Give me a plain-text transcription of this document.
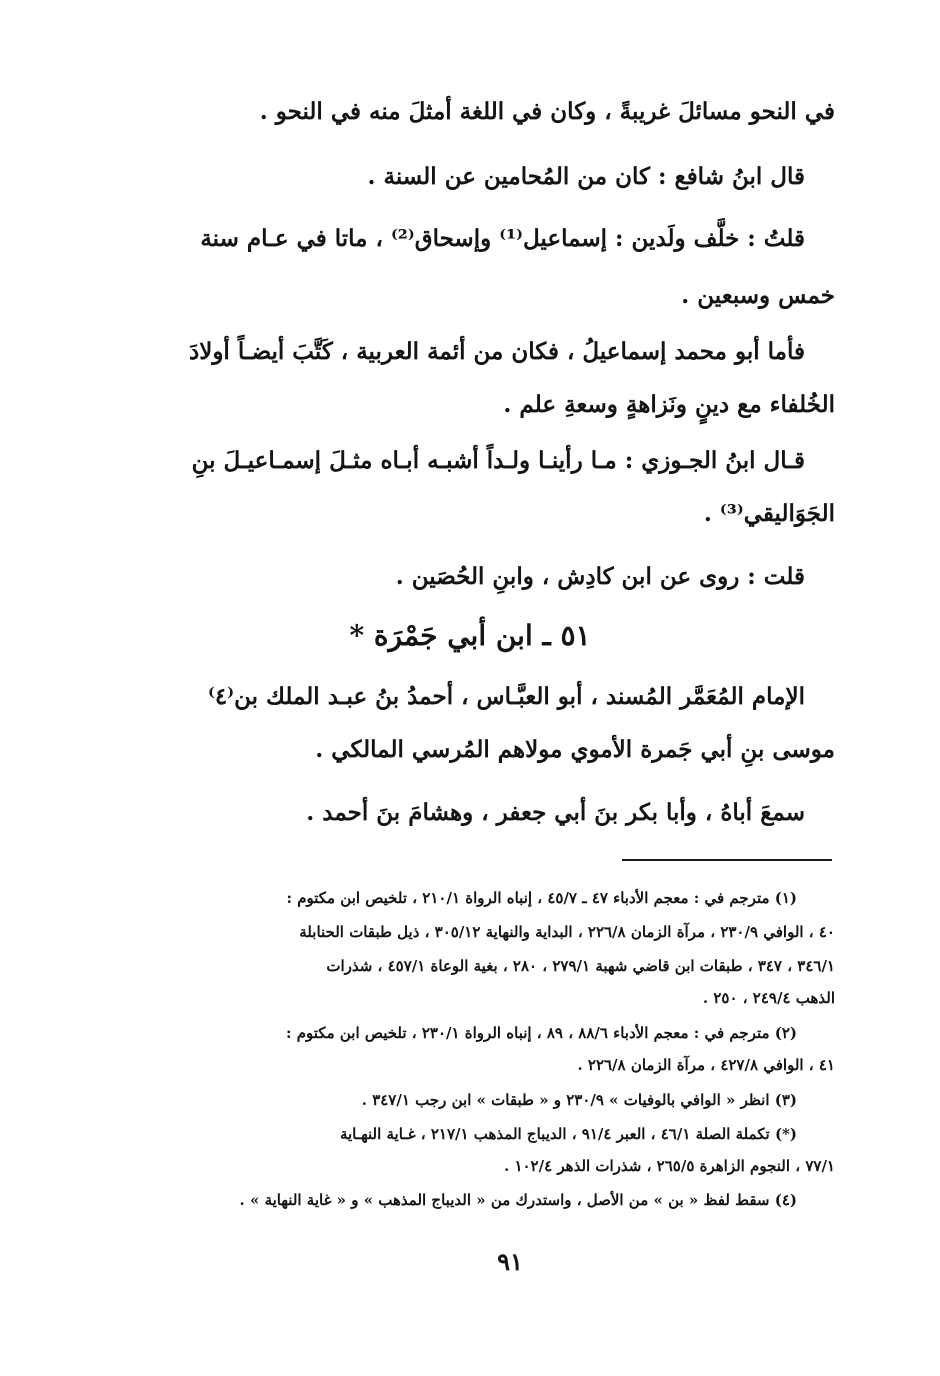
في النحو مسائلَ غريبةً ، وكان في اللغة أمثلَ منه في النحو .
قال ابنُ شافع : كان من المُحامين عن السنة .
قلتُ : خلَّف ولَدين : إسماعيل⁽¹⁾ وإسحاق⁽²⁾ ، ماتا في عـام سنة
خمس وسبعين .
فأما أبو محمد إسماعيلُ ، فكان من أئمة العربية ، كَتَّبَ أيضـاً أولادَ
الخُلفاء مع دينٍ ونَزاهةٍ وسعةِ علم .
قـال ابنُ الجـوزي : مـا رأينـا ولـداً أشبـه أبـاه مثـلَ إسمـاعيـلَ بنِ
الجَوَاليقي⁽³⁾ .
قلت : روى عن ابن كادِش ، وابنِ الحُصَين .
٥١ ـ ابن أبي جَمْرَة *
الإمام المُعَمَّر المُسند ، أبو العبَّـاس ، أحمدُ بنُ عبـد الملك بن⁽٤⁾
موسى بنِ أبي جَمرة الأموي مولاهم المُرسي المالكي .
سمعَ أباهُ ، وأبا بكر بنَ أبي جعفر ، وهشامَ بنَ أحمد .
(١) مترجم في : معجم الأدباء ٤٧ ـ ٤٥/٧ ، إنباه الرواة ٢١٠/١ ، تلخيص ابن مكتوم :
٤٠ ، الوافي ٢٣٠/٩ ، مرآة الزمان ٢٢٦/٨ ، البداية والنهاية ٣٠٥/١٢ ، ذيل طبقات الحنابلة
٣٤٦/١ ، ٣٤٧ ، طبقات ابن قاضي شهبة ٢٧٩/١ ، ٢٨٠ ، بغية الوعاة ٤٥٧/١ ، شذرات
الذهب ٢٤٩/٤ ، ٢٥٠ .
(٢) مترجم في : معجم الأدباء ٨٨/٦ ، ٨٩ ، إنباه الرواة ٢٣٠/١ ، تلخيص ابن مكتوم :
٤١ ، الوافي ٤٢٧/٨ ، مرآة الزمان ٢٢٦/٨ .
(٣) انظر « الوافي بالوفيات » ٢٣٠/٩ و « طبقات » ابن رجب ٣٤٧/١ .
(*) تكملة الصلة ٤٦/١ ، العبر ٩١/٤ ، الديباج المذهب ٢١٧/١ ، غـاية النهـاية
٧٧/١ ، النجوم الزاهرة ٢٦٥/٥ ، شذرات الذهر ١٠٢/٤ .
(٤) سقط لفظ « بن » من الأصل ، واستدرك من « الديباج المذهب » و « غاية النهاية » .
٩١
